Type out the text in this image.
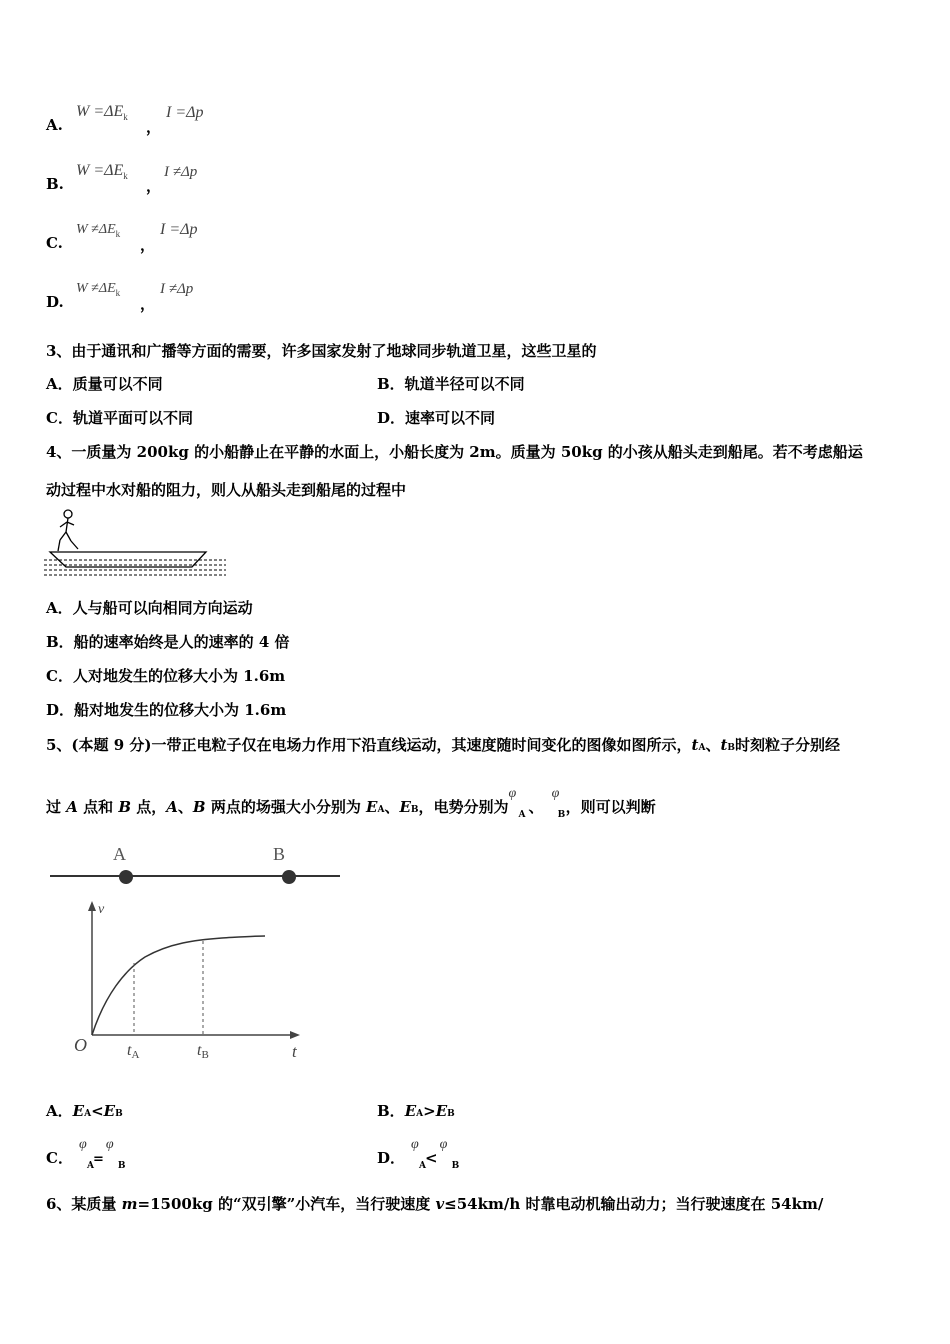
A.
$W =\Delta E_k$
，
I =Δp
B.
$W =\Delta E_k$
，
I ≠Δp
C.
$W \ne\Delta E_k$
，
I =Δp
D.
$W \ne\Delta E_k$
，
I ≠Δp
3、由于通讯和广播等方面的需要，许多国家发射了地球同步轨道卫星，这些卫星的
A．质量可以不同	B．轨道半径可以不同
C．轨道平面可以不同	D．速率可以不同
4、一质量为 200kg 的小船静止在平静的水面上，小船长度为 2m。质量为 50kg 的小孩从船头走到船尾。若不考虑船运
动过程中水对船的阻力，则人从船头走到船尾的过程中
A．人与船可以向相同方向运动
B．船的速率始终是人的速率的 4 倍
C．人对地发生的位移大小为 1.6m
D．船对地发生的位移大小为 1.6m
5、(本题 9 分)一带正电粒子仅在电场力作用下沿直线运动，其速度随时间变化的图像如图所示，tA、tB时刻粒子分别经
过 A 点和 B 点，A、B 两点的场强大小分别为 EA、EB，电势分别为
φ
A 、
φ
B ，则可以判断
A	B
v
t
O	tA	tB
A．EA<EB	B．EA>EB
C．
φ
A =
φ
B	D．
φ
A <
φ
B
6、某质量 m=1500kg 的“双引擎”小汽车，当行驶速度 v≤54km/h 时靠电动机输出动力；当行驶速度在 54km/
